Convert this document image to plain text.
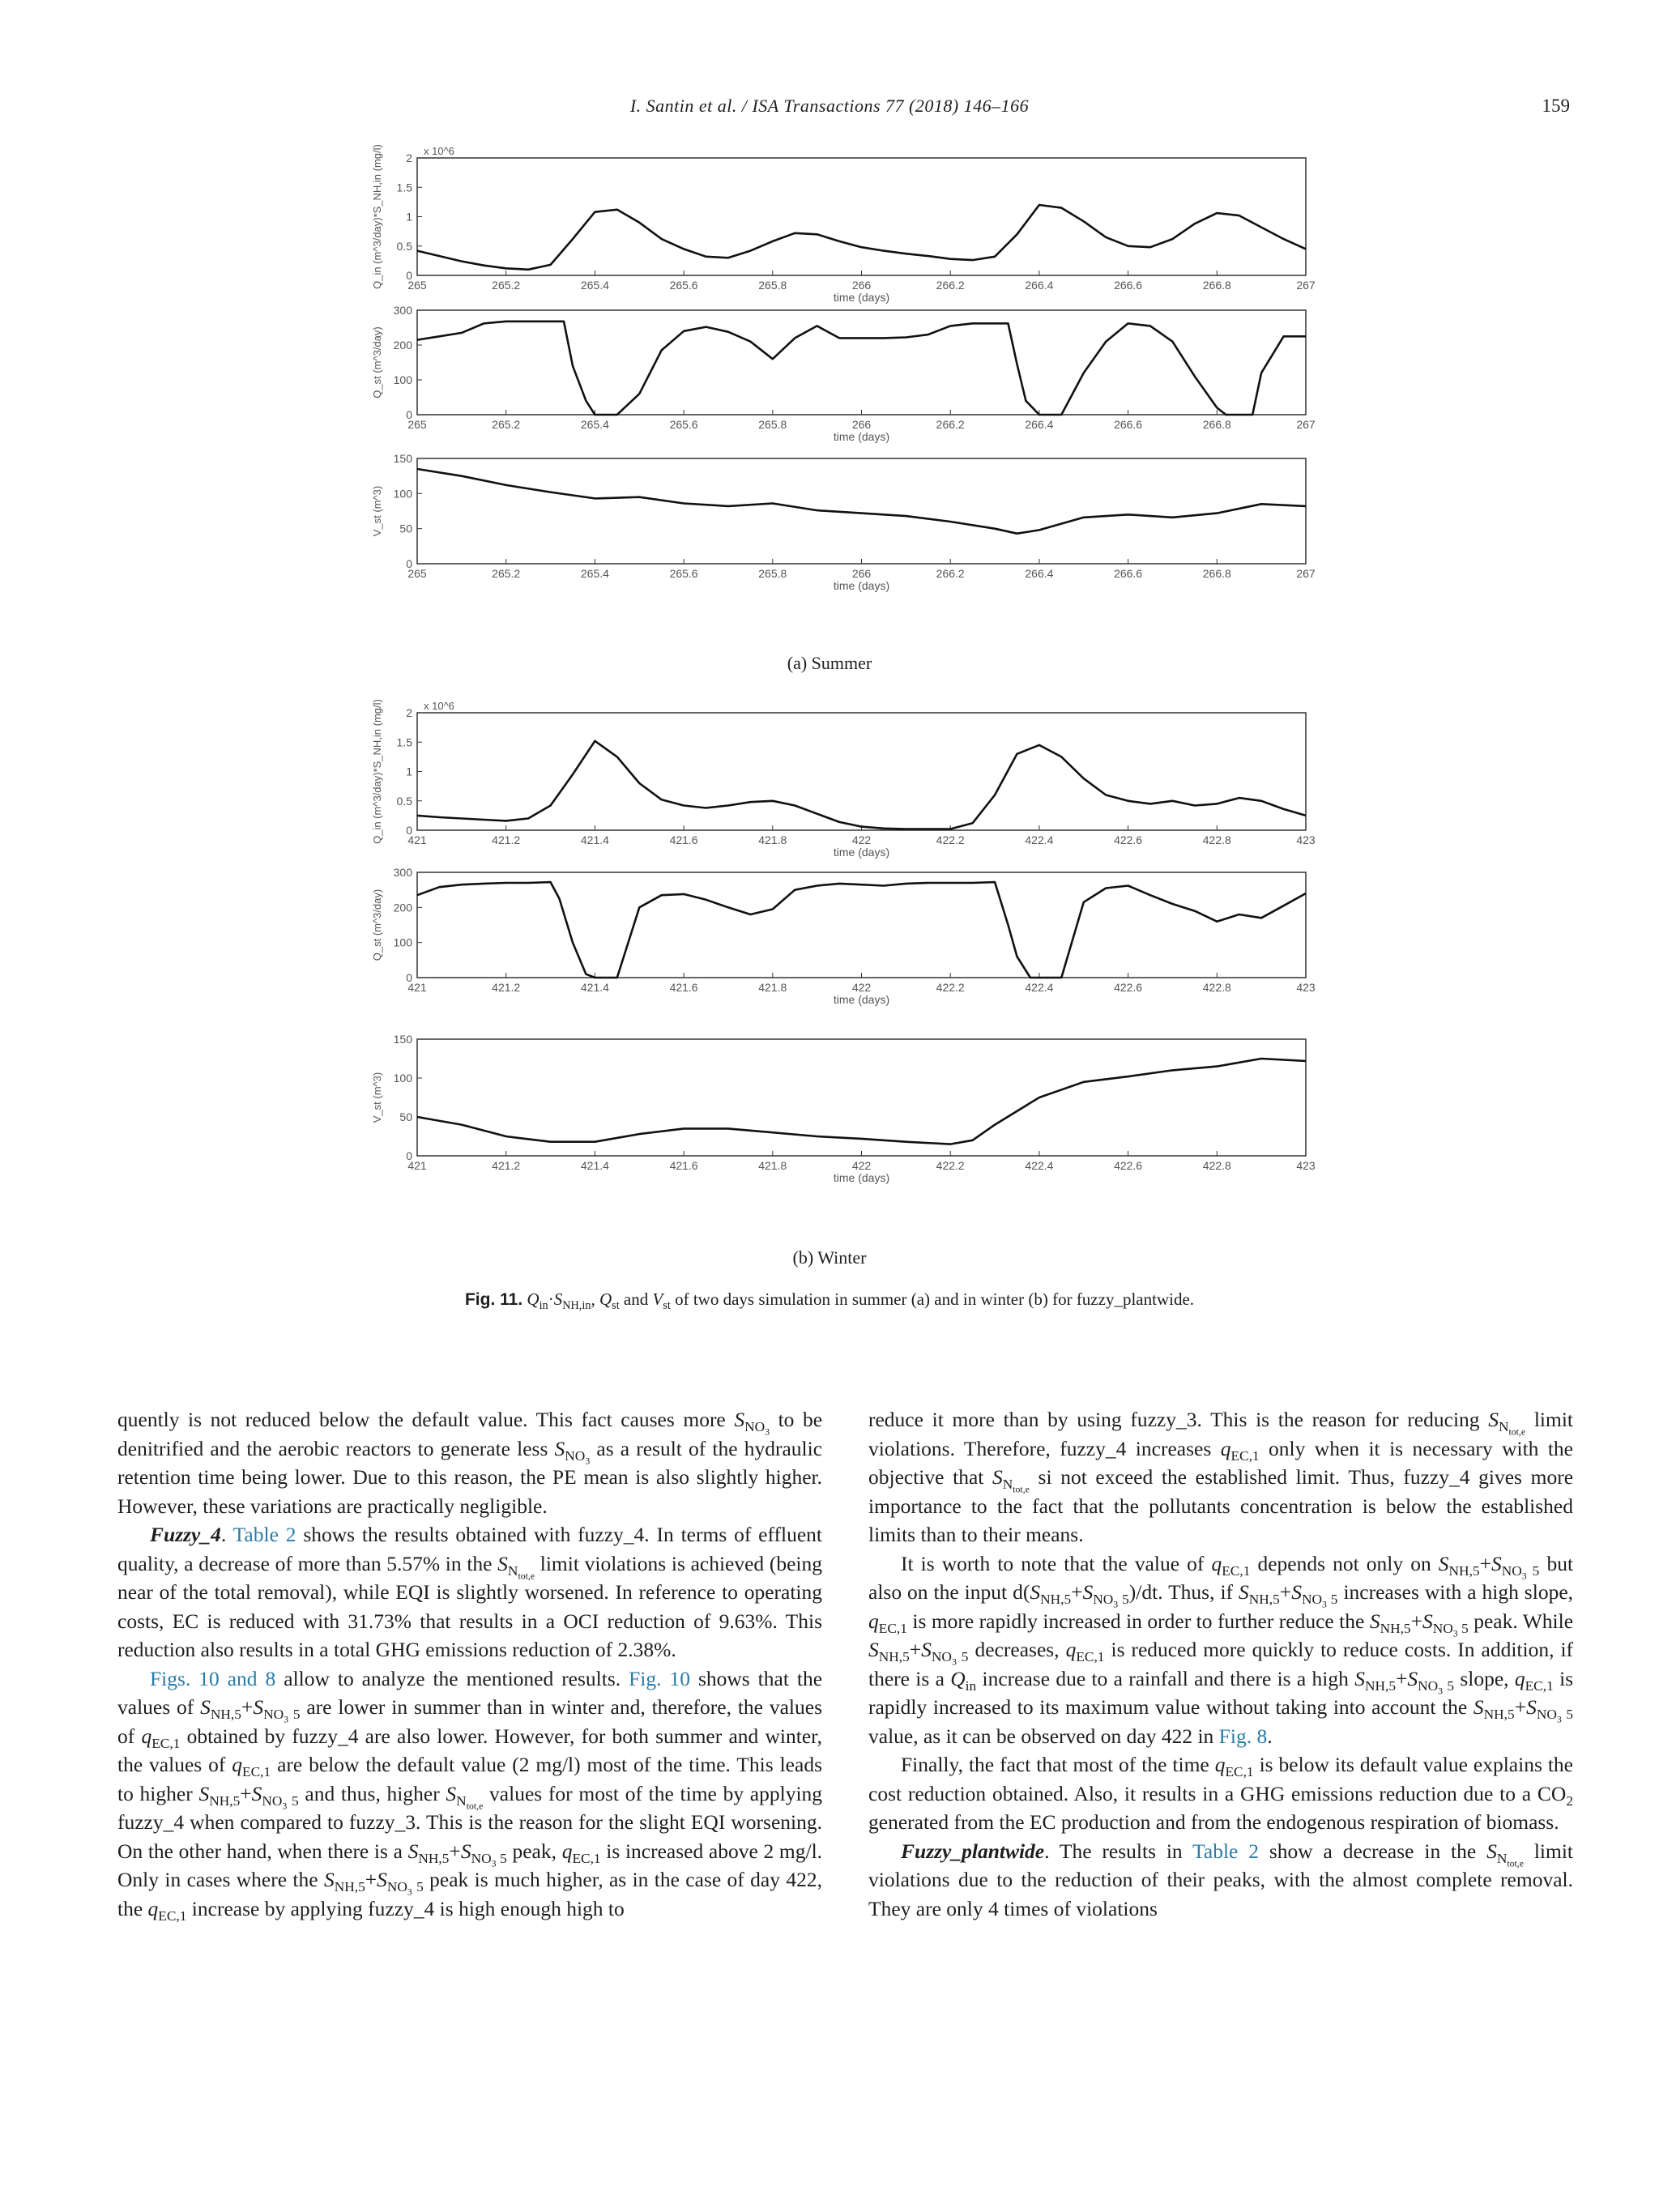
I. Santin et al. / ISA Transactions 77 (2018) 146–166	159
265	265.2	265.4	265.6	265.8	266	266.2	266.4	266.6	266.8	267
0
0.5
1
1.5
2
time (days)
Q_in (m^3/day)*S_NH,in (mg/l)	x 10^6
265	265.2	265.4	265.6	265.8	266	266.2	266.4	266.6	266.8	267
0
100
200
300
time (days)
Q_st (m^3/day)
265	265.2	265.4	265.6	265.8	266	266.2	266.4	266.6	266.8	267
0
50
100
150
time (days)
V_st (m^3)
421	421.2	421.4	421.6	421.8	422	422.2	422.4	422.6	422.8	423
0
0.5
1
1.5
2
time (days)
Q_in (m^3/day)*S_NH,in (mg/l)	x 10^6
421	421.2	421.4	421.6	421.8	422	422.2	422.4	422.6	422.8	423
0
100
200
300
time (days)
Q_st (m^3/day)
421	421.2	421.4	421.6	421.8	422	422.2	422.4	422.6	422.8	423
0
50
100
150
time (days)
V_st (m^3)
(a) Summer
(b) Winter
Fig. 11. $Q_{in}\cdot S_{NH,in}$, $Q_{st}$ and $V_{st}$ of two days simulation in summer (a) and in winter (b) for fuzzy_plantwide.

quently is not reduced below the default value. This fact causes more $S_{NO_3}$ to be denitrified and the aerobic reactors to generate less $S_{NO_3}$ as a result of the hydraulic retention time being lower. Due to this reason, the PE mean is also slightly higher. However, these variations are practically negligible.

Fuzzy_4. Table 2 shows the results obtained with fuzzy_4. In terms of effluent quality, a decrease of more than 5.57% in the $S_{N_{tot,e}}$ limit violations is achieved (being near of the total removal), while EQI is slightly worsened. In reference to operating costs, EC is reduced with 31.73% that results in a OCI reduction of 9.63%. This reduction also results in a total GHG emissions reduction of 2.38%.

Figs. 10 and 8 allow to analyze the mentioned results. Fig. 10 shows that the values of $S_{NH,5}+S_{NO_3 5}$ are lower in summer than in winter and, therefore, the values of $q_{EC,1}$ obtained by fuzzy_4 are also lower. However, for both summer and winter, the values of $q_{EC,1}$ are below the default value (2 mg/l) most of the time. This leads to higher $S_{NH,5}+S_{NO_3 5}$ and thus, higher $S_{N_{tot,e}}$ values for most of the time by applying fuzzy_4 when compared to fuzzy_3. This is the reason for the slight EQI worsening. On the other hand, when there is a $S_{NH,5}+S_{NO_3 5}$ peak, $q_{EC,1}$ is increased above 2 mg/l. Only in cases where the $S_{NH,5}+S_{NO_3 5}$ peak is much higher, as in the case of day 422, the $q_{EC,1}$ increase by applying fuzzy_4 is high enough high to

reduce it more than by using fuzzy_3. This is the reason for reducing $S_{N_{tot,e}}$ limit violations. Therefore, fuzzy_4 increases $q_{EC,1}$ only when it is necessary with the objective that $S_{N_{tot,e}}$ si not exceed the established limit. Thus, fuzzy_4 gives more importance to the fact that the pollutants concentration is below the established limits than to their means.

It is worth to note that the value of $q_{EC,1}$ depends not only on $S_{NH,5}+S_{NO_3 5}$ but also on the input $d(S_{NH,5}+S_{NO_3 5})/dt$. Thus, if $S_{NH,5}+S_{NO_3 5}$ increases with a high slope, $q_{EC,1}$ is more rapidly increased in order to further reduce the $S_{NH,5}+S_{NO_3 5}$ peak. While $S_{NH,5}+S_{NO_3 5}$ decreases, $q_{EC,1}$ is reduced more quickly to reduce costs. In addition, if there is a $Q_{in}$ increase due to a rainfall and there is a high $S_{NH,5}+S_{NO_3 5}$ slope, $q_{EC,1}$ is rapidly increased to its maximum value without taking into account the $S_{NH,5}+S_{NO_3 5}$ value, as it can be observed on day 422 in Fig. 8.

Finally, the fact that most of the time $q_{EC,1}$ is below its default value explains the cost reduction obtained. Also, it results in a GHG emissions reduction due to a $CO_2$ generated from the EC production and from the endogenous respiration of biomass.

Fuzzy_plantwide. The results in Table 2 show a decrease in the $S_{N_{tot,e}}$ limit violations due to the reduction of their peaks, with the almost complete removal. They are only 4 times of violations
